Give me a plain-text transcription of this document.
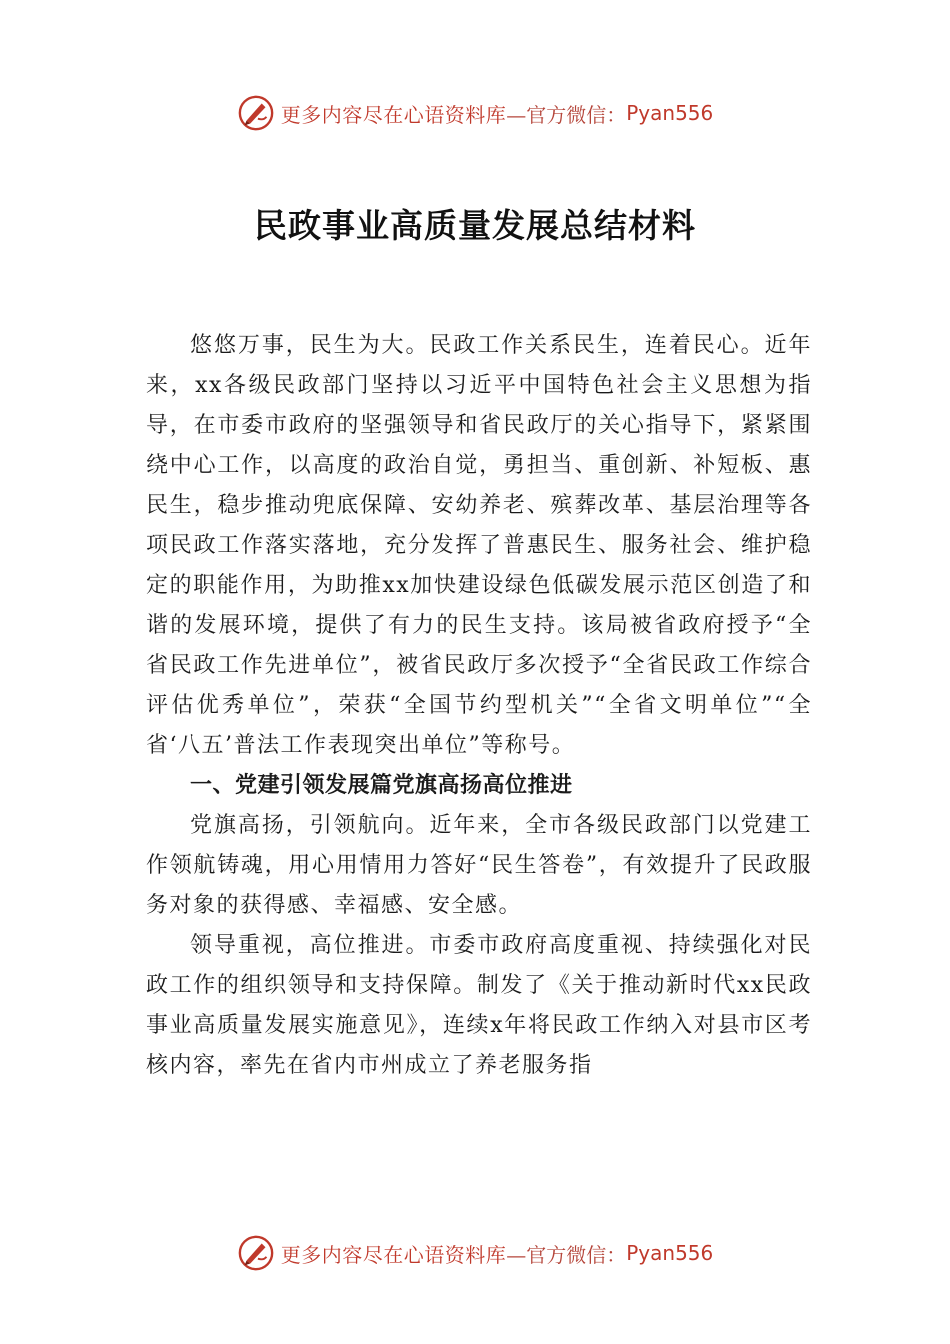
更多内容尽在心语资料库 —官方微信： Pyan556
民政事业高质量发展总结材料

悠悠万事，民生为大。民政工作关系民生，连着民心。近年来，xx各级民政部门坚持以习近平中国特色社会主义思想为指导，在市委市政府的坚强领导和省民政厅的关心指导下，紧紧围绕中心工作，以高度的政治自觉，勇担当、重创新、补短板、惠民生，稳步推动兜底保障、安幼养老、殡葬改革、基层治理等各项民政工作落实落地，充分发挥了普惠民生、服务社会、维护稳定的职能作用，为助推xx加快建设绿色低碳发展示范区创造了和谐的发展环境，提供了有力的民生支持。该局被省政府授予“全省民政工作先进单位”，被省民政厅多次授予“全省民政工作综合评估优秀单位”，荣获“全国节约型机关”“全省文明单位”“全省‘八五’普法工作表现突出单位”等称号。

一、党建引领发展篇党旗高扬高位推进

党旗高扬，引领航向。近年来，全市各级民政部门以党建工作领航铸魂，用心用情用力答好“民生答卷”，有效提升了民政服务对象的获得感、幸福感、安全感。

领导重视，高位推进。市委市政府高度重视、持续强化对民政工作的组织领导和支持保障。制发了《关于推动新时代xx民政事业高质量发展实施意见》，连续x年将民政工作纳入对县市区考核内容，率先在省内市州成立了养老服务指

更多内容尽在心语资料库 —官方微信： Pyan556
